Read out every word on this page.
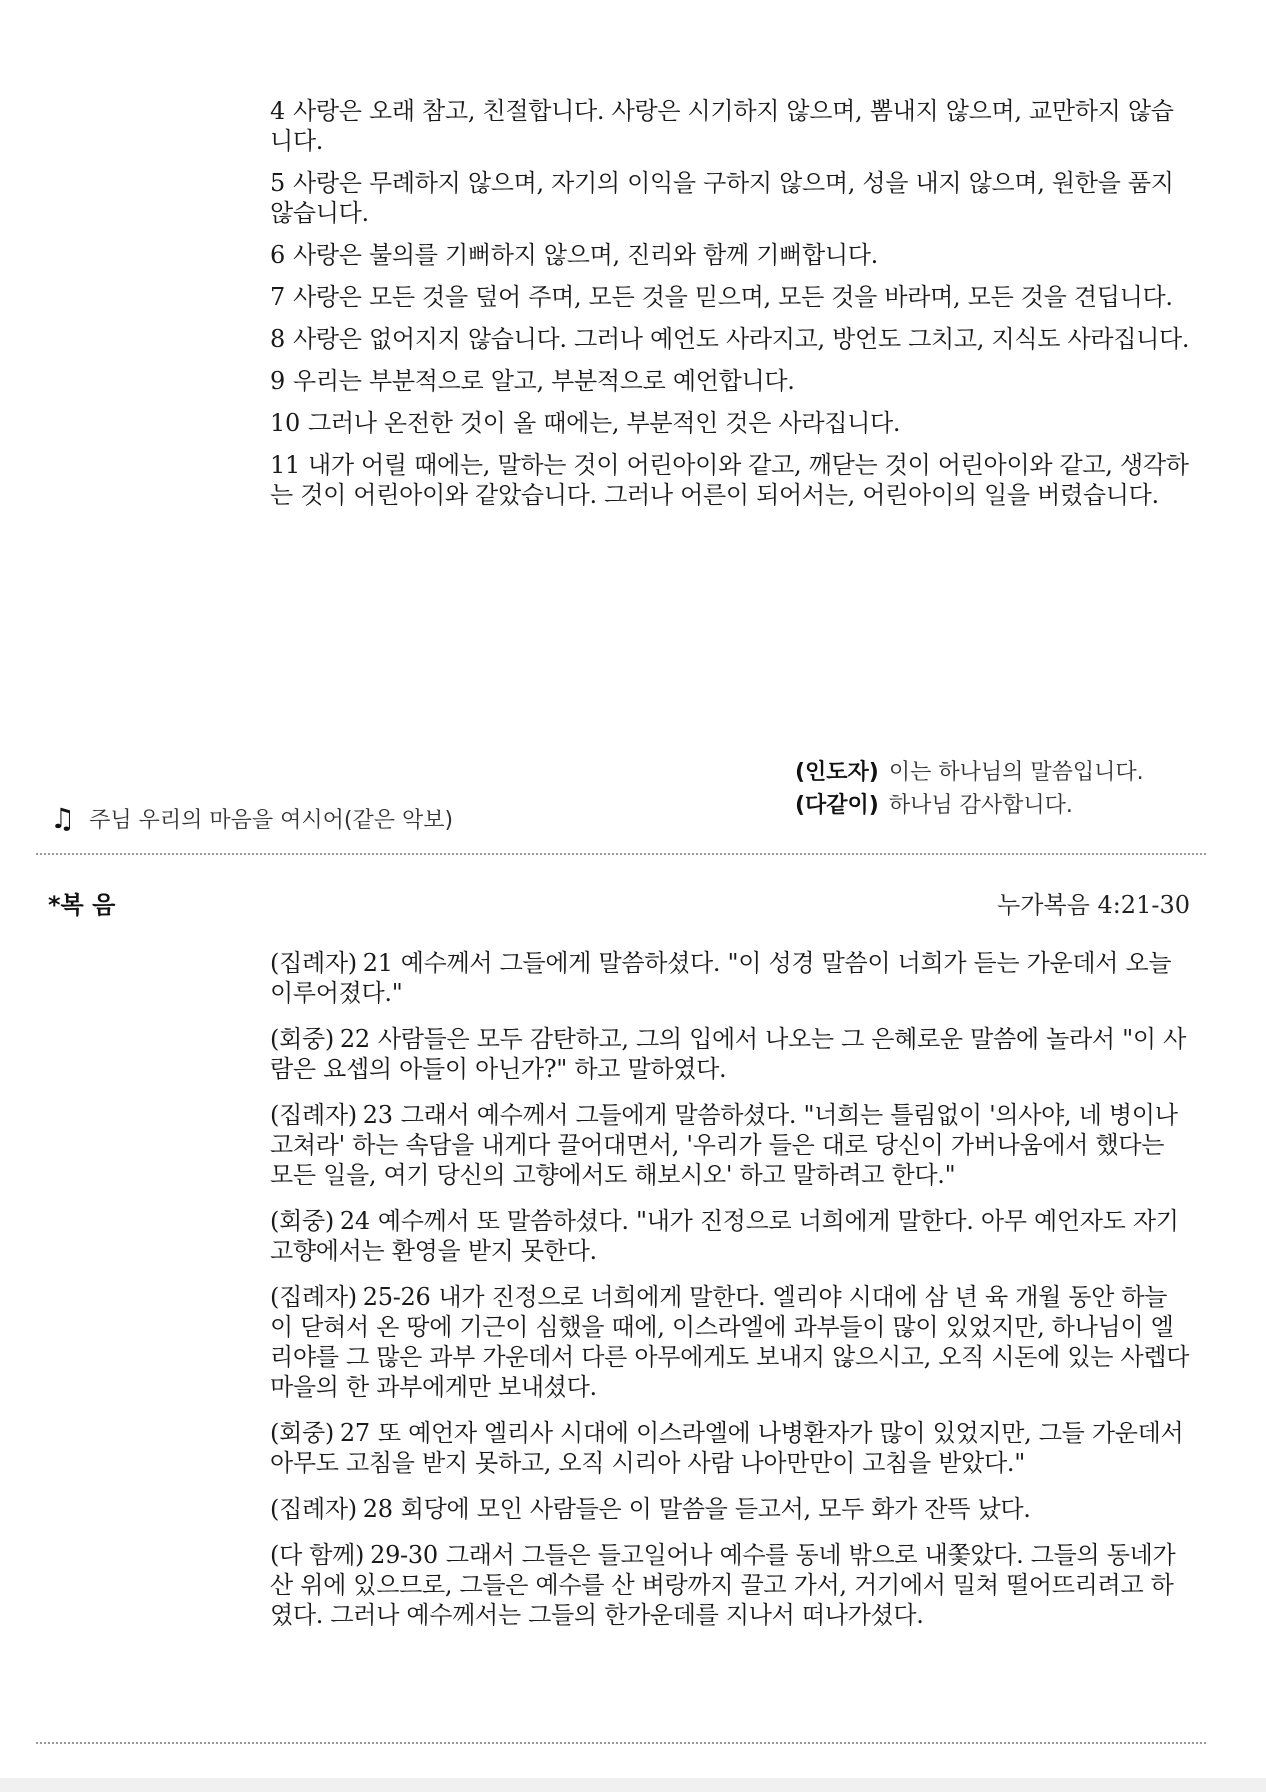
4 사랑은 오래 참고, 친절합니다. 사랑은 시기하지 않으며, 뽐내지 않으며, 교만하지 않습니다.

5 사랑은 무례하지 않으며, 자기의 이익을 구하지 않으며, 성을 내지 않으며, 원한을 품지 않습니다.

6 사랑은 불의를 기뻐하지 않으며, 진리와 함께 기뻐합니다.

7 사랑은 모든 것을 덮어 주며, 모든 것을 믿으며, 모든 것을 바라며, 모든 것을 견딥니다.

8 사랑은 없어지지 않습니다. 그러나 예언도 사라지고, 방언도 그치고, 지식도 사라집니다.

9 우리는 부분적으로 알고, 부분적으로 예언합니다.

10 그러나 온전한 것이 올 때에는, 부분적인 것은 사라집니다.

11 내가 어릴 때에는, 말하는 것이 어린아이와 같고, 깨닫는 것이 어린아이와 같고, 생각하는 것이 어린아이와 같았습니다. 그러나 어른이 되어서는, 어린아이의 일을 버렸습니다.

(인도자) 이는 하나님의 말씀입니다.
(다같이) 하나님 감사합니다.
♫ 주님 우리의 마음을 여시어(같은 악보)
*복 음	누가복음 4:21-30

(집례자) 21 예수께서 그들에게 말씀하셨다. "이 성경 말씀이 너희가 듣는 가운데서 오늘 이루어졌다."

(회중) 22 사람들은 모두 감탄하고, 그의 입에서 나오는 그 은혜로운 말씀에 놀라서 "이 사람은 요셉의 아들이 아닌가?" 하고 말하였다.

(집례자) 23 그래서 예수께서 그들에게 말씀하셨다. "너희는 틀림없이 '의사야, 네 병이나 고쳐라' 하는 속담을 내게다 끌어대면서, '우리가 들은 대로 당신이 가버나움에서 했다는 모든 일을, 여기 당신의 고향에서도 해보시오' 하고 말하려고 한다."

(회중) 24 예수께서 또 말씀하셨다. "내가 진정으로 너희에게 말한다. 아무 예언자도 자기 고향에서는 환영을 받지 못한다.

(집례자) 25-26 내가 진정으로 너희에게 말한다. 엘리야 시대에 삼 년 육 개월 동안 하늘이 닫혀서 온 땅에 기근이 심했을 때에, 이스라엘에 과부들이 많이 있었지만, 하나님이 엘리야를 그 많은 과부 가운데서 다른 아무에게도 보내지 않으시고, 오직 시돈에 있는 사렙다 마을의 한 과부에게만 보내셨다.

(회중) 27 또 예언자 엘리사 시대에 이스라엘에 나병환자가 많이 있었지만, 그들 가운데서 아무도 고침을 받지 못하고, 오직 시리아 사람 나아만만이 고침을 받았다."

(집례자) 28 회당에 모인 사람들은 이 말씀을 듣고서, 모두 화가 잔뜩 났다.

(다 함께) 29-30 그래서 그들은 들고일어나 예수를 동네 밖으로 내쫓았다. 그들의 동네가 산 위에 있으므로, 그들은 예수를 산 벼랑까지 끌고 가서, 거기에서 밀쳐 떨어뜨리려고 하였다. 그러나 예수께서는 그들의 한가운데를 지나서 떠나가셨다.
